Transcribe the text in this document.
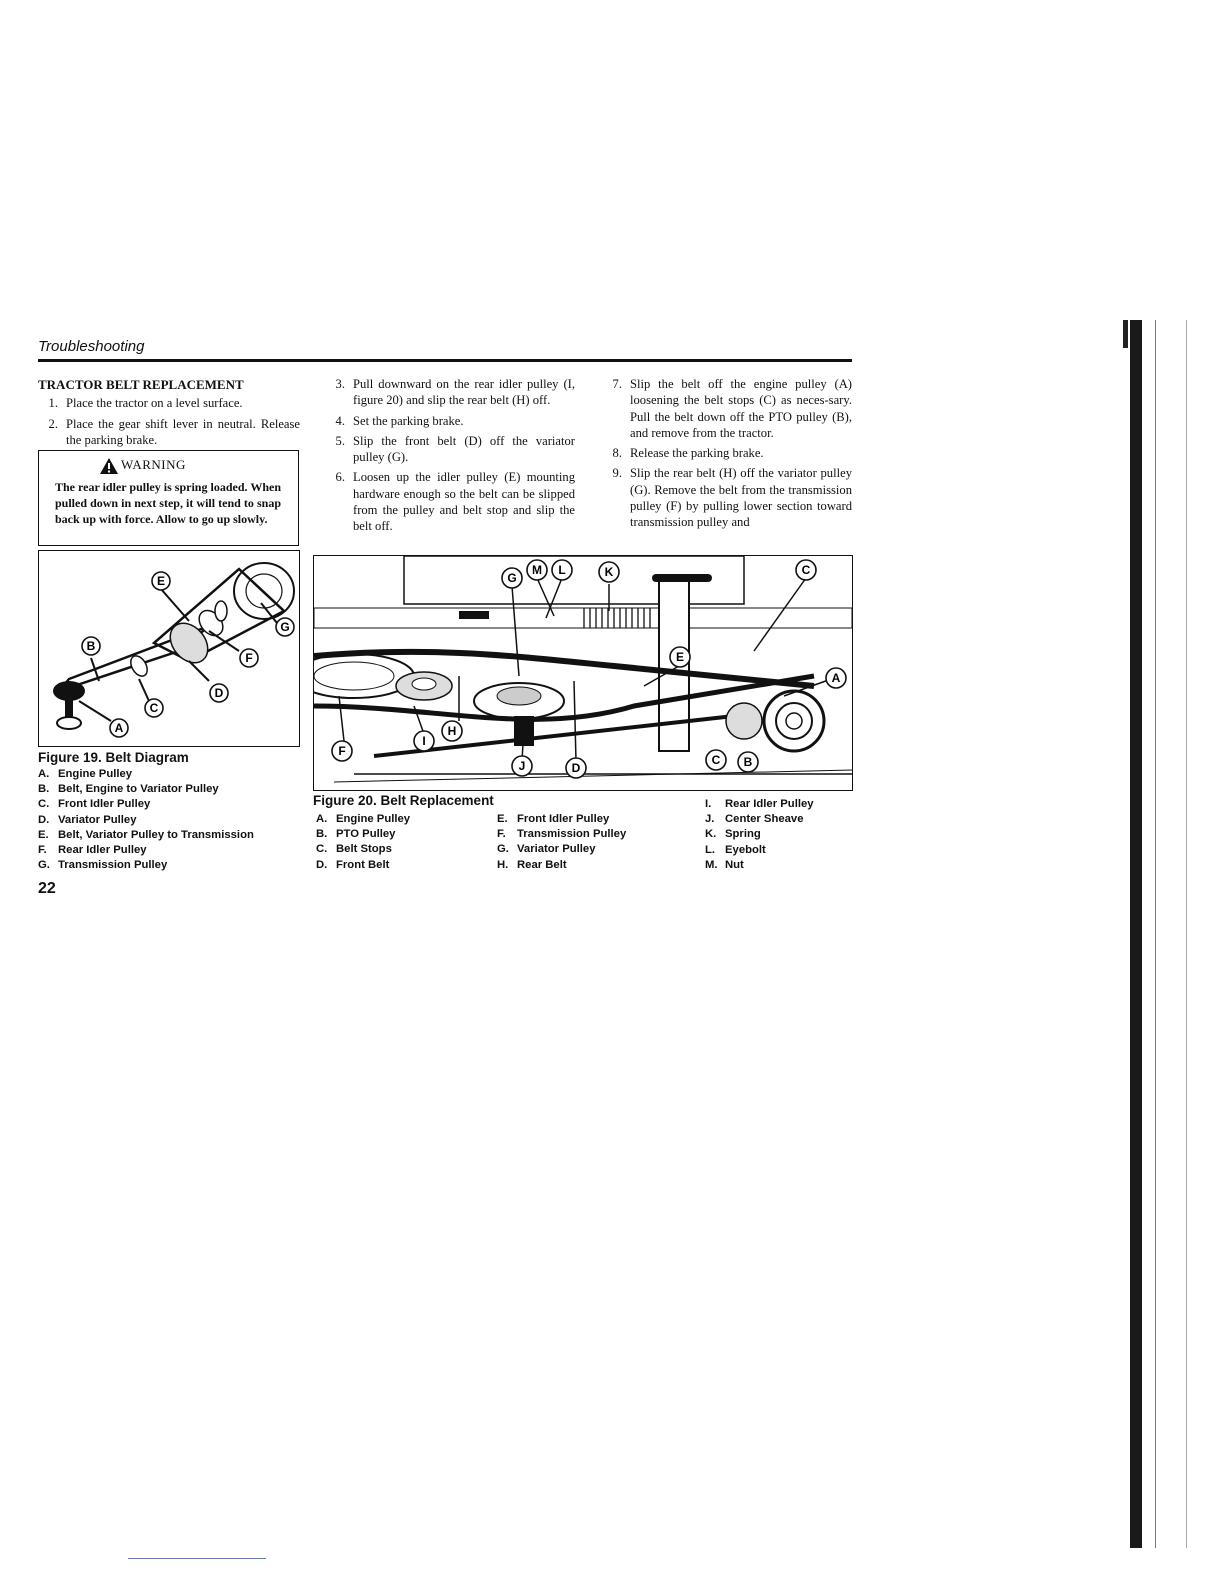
Troubleshooting
TRACTOR BELT REPLACEMENT
1. Place the tractor on a level surface.
2. Place the gear shift lever in neutral. Release the parking brake.
WARNING
The rear idler pulley is spring loaded. When pulled down in next step, it will tend to snap back up with force. Allow to go up slowly.
3. Pull downward on the rear idler pulley (I, figure 20) and slip the rear belt (H) off.
4. Set the parking brake.
5. Slip the front belt (D) off the variator pulley (G).
6. Loosen up the idler pulley (E) mounting hardware enough so the belt can be slipped from the pulley and belt stop and slip the belt off.
7. Slip the belt off the engine pulley (A) loosening the belt stops (C) as neces-sary. Pull the belt down off the PTO pulley (B), and remove from the tractor.
8. Release the parking brake.
9. Slip the rear belt (H) off the variator pulley (G). Remove the belt from the transmission pulley (F) by pulling lower section toward transmission pulley and
E
G
B
F
D
C
A
Figure 19. Belt Diagram
A. Engine Pulley
B. Belt, Engine to Variator Pulley
C. Front Idler Pulley
D. Variator Pulley
E. Belt, Variator Pulley to Transmission
F. Rear Idler Pulley
G. Transmission Pulley
G
M L	K	C
E
A
H
I
F
J	D
C B
Figure 20. Belt Replacement
A. Engine Pulley
B. PTO Pulley
C. Belt Stops
D. Front Belt
E. Front Idler Pulley
F. Transmission Pulley
G. Variator Pulley
H. Rear Belt
I. Rear Idler Pulley
J. Center Sheave
K. Spring
L. Eyebolt
M. Nut
22
